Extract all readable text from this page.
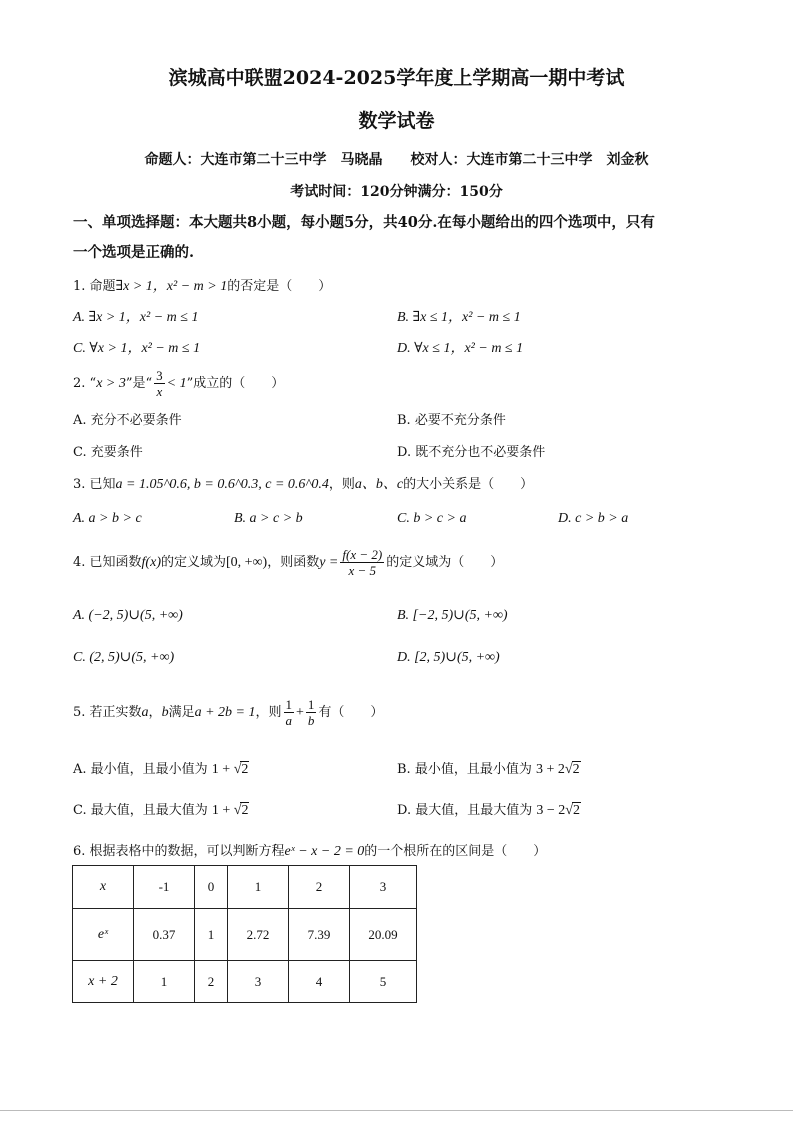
滨城高中联盟2024-2025学年度上学期高一期中考试
数学试卷
命题人：大连市第二十三中学　马晓晶　　校对人：大连市第二十三中学　刘金秋
考试时间：120分钟满分：150分
一、单项选择题：本大题共8小题，每小题5分，共40分.在每小题给出的四个选项中，只有
一个选项是正确的.
1. 命题∃x > 1，x² − m > 1的否定是（　　）
A. ∃x > 1，x² − m ≤ 1	B. ∃x ≤ 1，x² − m ≤ 1
C. ∀x > 1，x² − m ≤ 1	D. ∀x ≤ 1，x² − m ≤ 1
2. “x > 3”是“ $\frac{3}{x} < 1$”成立的（　　）
A. 充分不必要条件	B. 必要不充分条件
C. 充要条件	D. 既不充分也不必要条件
3. 已知a = 1.05^0.6, b = 0.6^0.3, c = 0.6^0.4，则a、b、c的大小关系是（　　）
A. a > b > c	B. a > c > b	C. b > c > a	D. c > b > a
4. 已知函数f(x)的定义域为[0, +∞)，则函数$y = \frac{f(x - 2)}{x - 5}$ 的定义域为（　　）
A. (−2, 5)∪(5, +∞)	B. [−2, 5)∪(5, +∞)
C. (2, 5)∪(5, +∞)	D. [2, 5)∪(5, +∞)
5. 若正实数a，b满足a + 2b = 1，则 $\frac{1}{a} + \frac{1}{b}$ 有（　　）
A. 最小值，且最小值为 1 + √2	B. 最小值，且最小值为 3 + 2√2
C. 最大值，且最大值为 1 + √2	D. 最大值，且最大值为 3 − 2√2
6. 根据表格中的数据，可以判断方程eˣ − x − 2 = 0的一个根所在的区间是（　　）
x	-1	0	1	2	3
eˣ	0.37	1	2.72	7.39	20.09
x + 2	1	2	3	4	5
